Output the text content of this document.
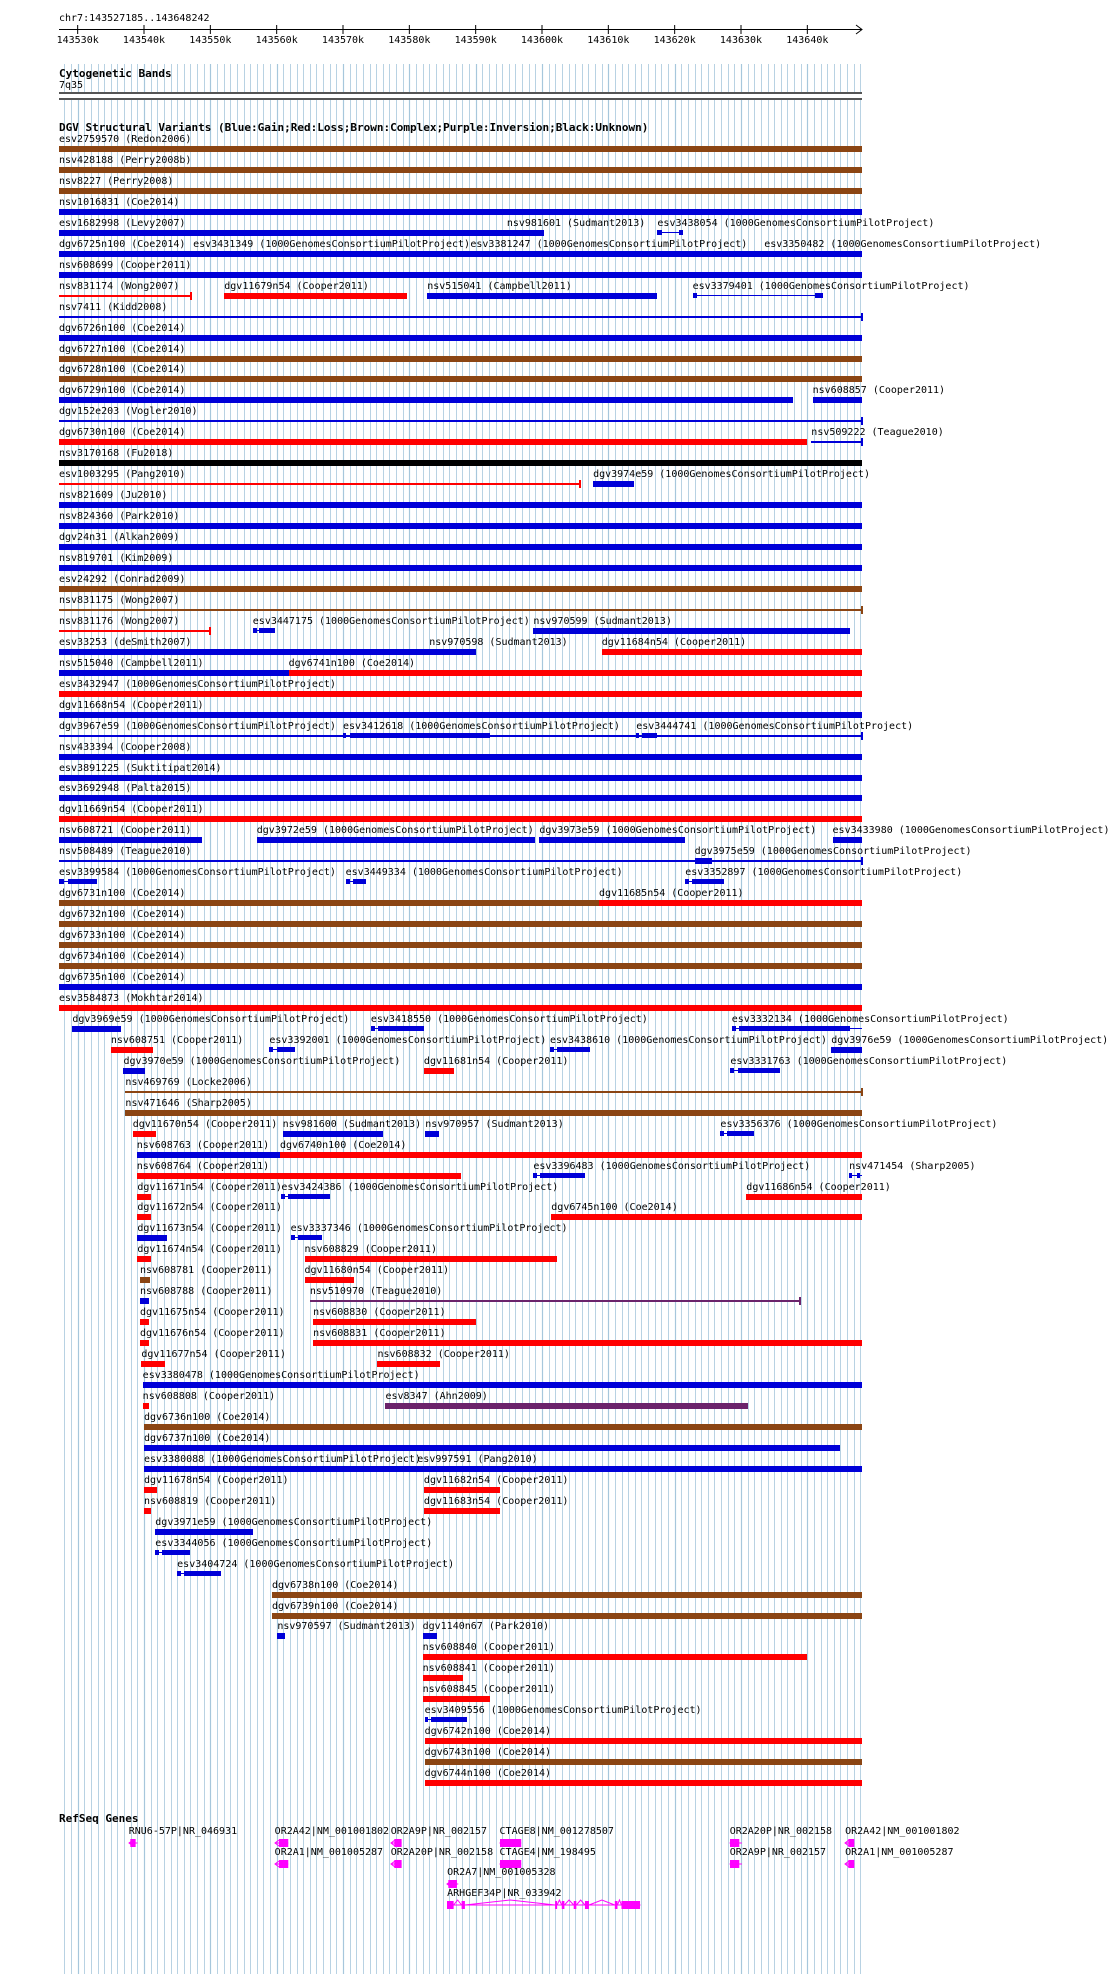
chr7:143527185..143648242
143530k 143540k 143550k 143560k 143570k 143580k 143590k 143600k 143610k 143620k 143630k 143640k
Cytogenetic Bands
7q35
DGV Structural Variants (Blue:Gain;Red:Loss;Brown:Complex;Purple:Inversion;Black:Unknown)
esv2759570 (Redon2006)
nsv428188 (Perry2008b)
nsv8227 (Perry2008)
nsv1016831 (Coe2014)
esv1682998 (Levy2007)	nsv981601 (Sudmant2013) esv3438054 (1000GenomesConsortiumPilotProject)
dgv6725n100 (Coe2014) esv3431349 (1000GenomesConsortiumPilotProject) esv3381247 (1000GenomesConsortiumPilotProject) esv3350482 (1000GenomesConsortiumPilotProject)
nsv608699 (Cooper2011)
nsv831174 (Wong2007)	dgv11679n54 (Cooper2011)	nsv515041 (Campbell2011)	esv3379401 (1000GenomesConsortiumPilotProject)
nsv7411 (Kidd2008)
dgv6726n100 (Coe2014)
dgv6727n100 (Coe2014)
dgv6728n100 (Coe2014)
dgv6729n100 (Coe2014)	nsv608857 (Cooper2011)
dgv152e203 (Vogler2010)
dgv6730n100 (Coe2014)	nsv509222 (Teague2010)
nsv3170168 (Fu2018)
esv1003295 (Pang2010)	dgv3974e59 (1000GenomesConsortiumPilotProject)
nsv821609 (Ju2010)
nsv824360 (Park2010)
dgv24n31 (Alkan2009)
nsv819701 (Kim2009)
esv24292 (Conrad2009)
nsv831175 (Wong2007)
nsv831176 (Wong2007)	esv3447175 (1000GenomesConsortiumPilotProject) nsv970599 (Sudmant2013)
esv33253 (deSmith2007)	nsv970598 (Sudmant2013)	dgv11684n54 (Cooper2011)
nsv515040 (Campbell2011)	dgv6741n100 (Coe2014)
esv3432947 (1000GenomesConsortiumPilotProject)
dgv11668n54 (Cooper2011)
dgv3967e59 (1000GenomesConsortiumPilotProject) esv3412618 (1000GenomesConsortiumPilotProject) esv3444741 (1000GenomesConsortiumPilotProject)
nsv433394 (Cooper2008)
esv3891225 (Suktitipat2014)
esv3692948 (Palta2015)
dgv11669n54 (Cooper2011)
nsv608721 (Cooper2011)	dgv3972e59 (1000GenomesConsortiumPilotProject) dgv3973e59 (1000GenomesConsortiumPilotProject) esv3433980 (1000GenomesConsortiumPilotProject)
nsv508489 (Teague2010)	dgv3975e59 (1000GenomesConsortiumPilotProject)
esv3399584 (1000GenomesConsortiumPilotProject) esv3449334 (1000GenomesConsortiumPilotProject)	esv3352897 (1000GenomesConsortiumPilotProject)
dgv6731n100 (Coe2014)	dgv11685n54 (Cooper2011)
dgv6732n100 (Coe2014)
dgv6733n100 (Coe2014)
dgv6734n100 (Coe2014)
dgv6735n100 (Coe2014)
esv3584873 (Mokhtar2014)
dgv3969e59 (1000GenomesConsortiumPilotProject) esv3418550 (1000GenomesConsortiumPilotProject)	esv3332134 (1000GenomesConsortiumPilotProject)
nsv608751 (Cooper2011)	esv3392001 (1000GenomesConsortiumPilotProject) esv3438610 (1000GenomesConsortiumPilotProject) dgv3976e59 (1000GenomesConsortiumPilotProject)
dgv3970e59 (1000GenomesConsortiumPilotProject) dgv11681n54 (Cooper2011)	esv3331763 (1000GenomesConsortiumPilotProject)
nsv469769 (Locke2006)
nsv471646 (Sharp2005)
dgv11670n54 (Cooper2011) nsv981600 (Sudmant2013) nsv970957 (Sudmant2013)	esv3356376 (1000GenomesConsortiumPilotProject)
nsv608763 (Cooper2011) dgv6740n100 (Coe2014)
nsv608764 (Cooper2011)	esv3396483 (1000GenomesConsortiumPilotProject)	nsv471454 (Sharp2005)
dgv11671n54 (Cooper2011) esv3424386 (1000GenomesConsortiumPilotProject)	dgv11686n54 (Cooper2011)
dgv11672n54 (Cooper2011)	dgv6745n100 (Coe2014)
dgv11673n54 (Cooper2011) esv3337346 (1000GenomesConsortiumPilotProject)
dgv11674n54 (Cooper2011) nsv608829 (Cooper2011)
nsv608781 (Cooper2011)	dgv11680n54 (Cooper2011)
nsv608788 (Cooper2011)	nsv510970 (Teague2010)
dgv11675n54 (Cooper2011)	nsv608830 (Cooper2011)
dgv11676n54 (Cooper2011)	nsv608831 (Cooper2011)
dgv11677n54 (Cooper2011)	nsv608832 (Cooper2011)
esv3380478 (1000GenomesConsortiumPilotProject)
nsv608808 (Cooper2011)	esv8347 (Ahn2009)
dgv6736n100 (Coe2014)
dgv6737n100 (Coe2014)
esv3380088 (1000GenomesConsortiumPilotProject)
esv997591 (Pang2010)
dgv11678n54 (Cooper2011)	dgv11682n54 (Cooper2011)
nsv608819 (Cooper2011)	dgv11683n54 (Cooper2011)
dgv3971e59 (1000GenomesConsortiumPilotProject)
esv3344056 (1000GenomesConsortiumPilotProject)
esv3404724 (1000GenomesConsortiumPilotProject)
dgv6738n100 (Coe2014)
dgv6739n100 (Coe2014)
nsv970597 (Sudmant2013) dgv1140n67 (Park2010)
nsv608840 (Cooper2011)
nsv608841 (Cooper2011)
nsv608845 (Cooper2011)
esv3409556 (1000GenomesConsortiumPilotProject)
dgv6742n100 (Coe2014)
dgv6743n100 (Coe2014)
dgv6744n100 (Coe2014)
RefSeq Genes
RNU6-57P|NR_046931	OR2A42|NM_001001802 OR2A9P|NR_002157 CTAGE8|NM_001278507	OR2A20P|NR_002158 OR2A42|NM_001001802
OR2A1|NM_001005287 OR2A20P|NR_002158 CTAGE4|NM_198495	OR2A9P|NR_002157 OR2A1|NM_001005287
OR2A7|NM_001005328
ARHGEF34P|NR_033942
